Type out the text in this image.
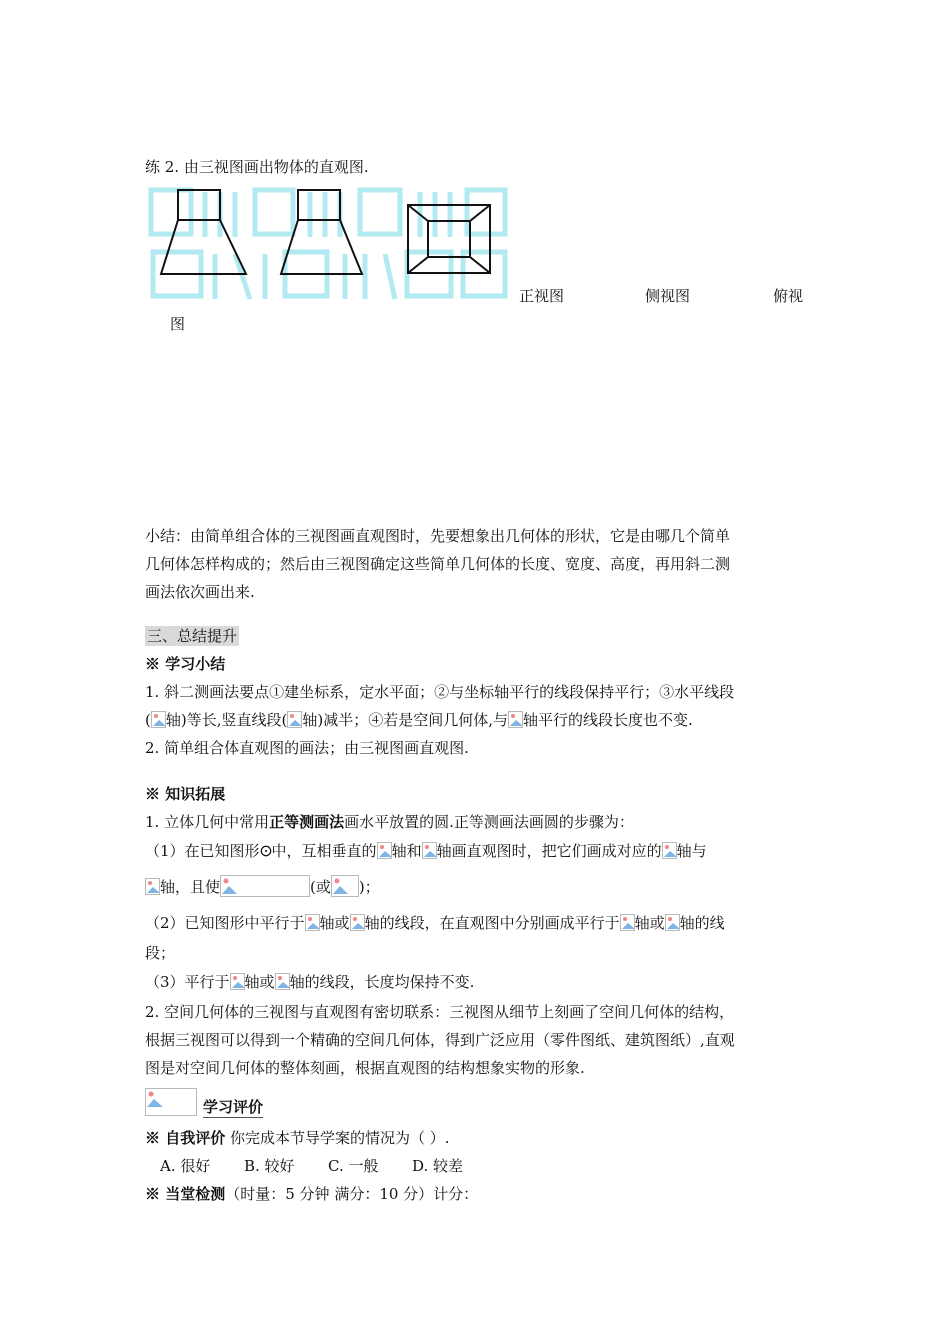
练 2. 由三视图画出物体的直观图.
正视图	侧视图	俯视
图
小结：由简单组合体的三视图画直观图时，先要想象出几何体的形状，它是由哪几个简单
几何体怎样构成的；然后由三视图确定这些简单几何体的长度、宽度、高度，再用斜二测
画法依次画出来.
三、总结提升
※ 学习小结
1. 斜二测画法要点①建坐标系，定水平面；②与坐标轴平行的线段保持平行；③水平线段
( 轴)等长,竖直线段( 轴)减半；④若是空间几何体,与 轴平行的线段长度也不变.
2. 简单组合体直观图的画法；由三视图画直观图.
※ 知识拓展
1. 立体几何中常用正等测画法画水平放置的圆.正等测画法画圆的步骤为：
（1）在已知图形 中，互相垂直的 轴和 轴画直观图时，把它们画成对应的 轴与
轴，且使	(或 )；
（2）已知图形中平行于 轴或 轴的线段，在直观图中分别画成平行于 轴或 轴的线
段；
（3）平行于 轴或 轴的线段，长度均保持不变.
2. 空间几何体的三视图与直观图有密切联系：三视图从细节上刻画了空间几何体的结构，
根据三视图可以得到一个精确的空间几何体，得到广泛应用（零件图纸、建筑图纸）,直观
图是对空间几何体的整体刻画，根据直观图的结构想象实物的形象.
学习评价
※ 自我评价 你完成本节导学案的情况为（ ）.
A. 很好 B. 较好 C. 一般 D. 较差
※ 当堂检测（时量：5 分钟 满分：10 分）计分：
